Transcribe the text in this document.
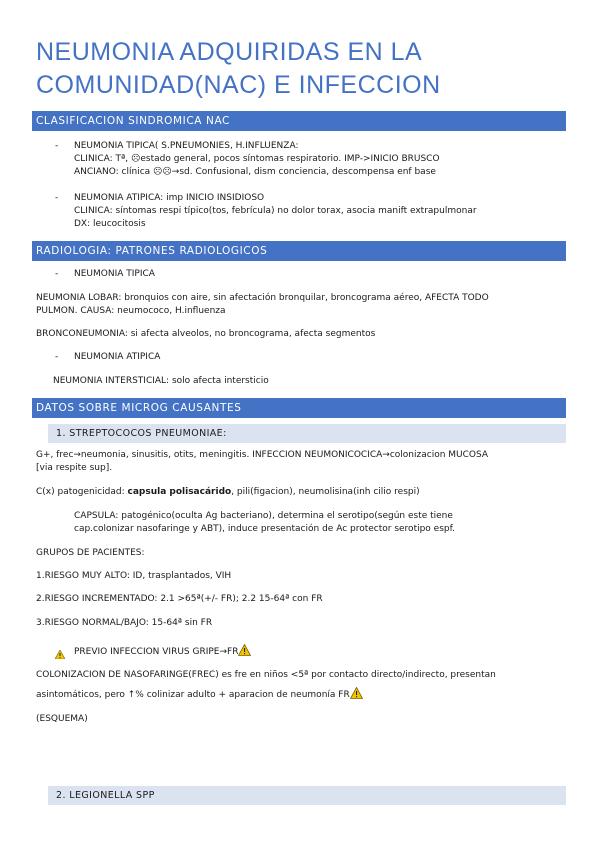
NEUMONIA ADQUIRIDAS EN LA
COMUNIDAD(NAC) E INFECCION
CLASIFICACION SINDROMICA NAC
- NEUMONIA TIPICA( S.PNEUMONIES, H.INFLUENZA:
CLINICA: Tª, ☹estado general, pocos síntomas respiratorio. IMP->INICIO BRUSCO
ANCIANO: clínica ☹☹→sd. Confusional, dism conciencia, descompensa enf base
- NEUMONIA ATIPICA: imp INICIO INSIDIOSO
CLINICA: síntomas respi típico(tos, febrícula) no dolor torax, asocia manift extrapulmonar
DX: leucocitosis
RADIOLOGIA: PATRONES RADIOLOGICOS
- NEUMONIA TIPICA
NEUMONIA LOBAR: bronquios con aire, sin afectación bronquilar, broncograma aéreo, AFECTA TODO
PULMON. CAUSA: neumococo, H.influenza
BRONCONEUMONIA: si afecta alveolos, no broncograma, afecta segmentos
- NEUMONIA ATIPICA
NEUMONIA INTERSTICIAL: solo afecta intersticio
DATOS SOBRE MICROG CAUSANTES
1. STREPTOCOCOS PNEUMONIAE:
G+, frec→neumonia, sinusitis, otits, meningitis. INFECCION NEUMONICOCICA→colonizacion MUCOSA
[via respite sup].
C(x) patogenicidad: capsula polisacárido, pili(figacion), neumolisina(inh cilio respi)
CAPSULA: patogénico(oculta Ag bacteriano), determina el serotipo(según este tiene
cap.colonizar nasofaringe y ABT), induce presentación de Ac protector serotipo espf.
GRUPOS DE PACIENTES:
1.RIESGO MUY ALTO: ID, trasplantados, VIH
2.RIESGO INCREMENTADO: 2.1 >65ª(+/- FR); 2.2 15-64ª con FR
3.RIESGO NORMAL/BAJO: 15-64ª sin FR
PREVIO INFECCION VIRUS GRIPE→FR
COLONIZACION DE NASOFARINGE(FREC) es fre en niños <5ª por contacto directo/indirecto, presentan
asintomáticos, pero ↑% colinizar adulto + aparacion de neumonía FR
(ESQUEMA)
2. LEGIONELLA SPP
